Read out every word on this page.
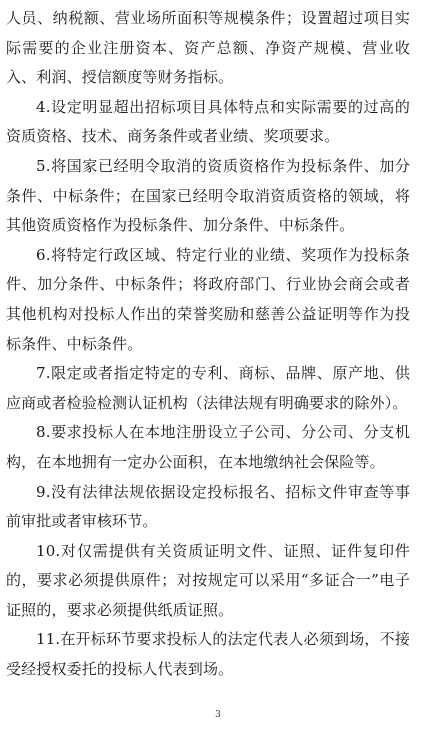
人员、纳税额、营业场所面积等规模条件；设置超过项目实际需要的企业注册资本、资产总额、净资产规模、营业收入、利润、授信额度等财务指标。

4.设定明显超出招标项目具体特点和实际需要的过高的资质资格、技术、商务条件或者业绩、奖项要求。

5.将国家已经明令取消的资质资格作为投标条件、加分条件、中标条件；在国家已经明令取消资质资格的领域，将其他资质资格作为投标条件、加分条件、中标条件。

6.将特定行政区域、特定行业的业绩、奖项作为投标条件、加分条件、中标条件；将政府部门、行业协会商会或者其他机构对投标人作出的荣誉奖励和慈善公益证明等作为投标条件、中标条件。

7.限定或者指定特定的专利、商标、品牌、原产地、供应商或者检验检测认证机构（法律法规有明确要求的除外）。

8.要求投标人在本地注册设立子公司、分公司、分支机构，在本地拥有一定办公面积，在本地缴纳社会保险等。

9.没有法律法规依据设定投标报名、招标文件审查等事前审批或者审核环节。

10.对仅需提供有关资质证明文件、证照、证件复印件的，要求必须提供原件；对按规定可以采用“多证合一”电子证照的，要求必须提供纸质证照。

11.在开标环节要求投标人的法定代表人必须到场，不接受经授权委托的投标人代表到场。

3
